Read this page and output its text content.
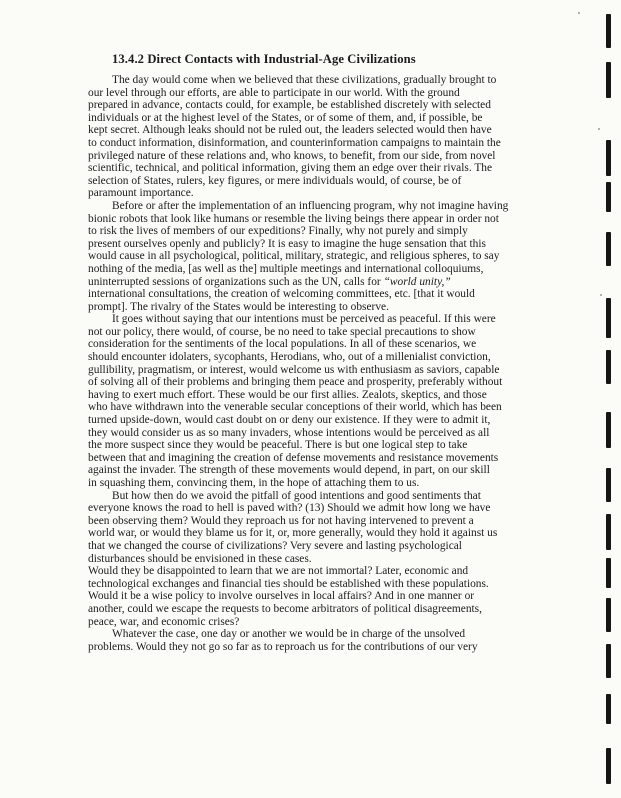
13.4.2 Direct Contacts with Industrial-Age Civilizations

The day would come when we believed that these civilizations, gradually brought to
our level through our efforts, are able to participate in our world. With the ground
prepared in advance, contacts could, for example, be established discretely with selected
individuals or at the highest level of the States, or of some of them, and, if possible, be
kept secret. Although leaks should not be ruled out, the leaders selected would then have
to conduct information, disinformation, and counterinformation campaigns to maintain the
privileged nature of these relations and, who knows, to benefit, from our side, from novel
scientific, technical, and political information, giving them an edge over their rivals. The
selection of States, rulers, key figures, or mere individuals would, of course, be of
paramount importance.

Before or after the implementation of an influencing program, why not imagine having
bionic robots that look like humans or resemble the living beings there appear in order not
to risk the lives of members of our expeditions? Finally, why not purely and simply
present ourselves openly and publicly? It is easy to imagine the huge sensation that this
would cause in all psychological, political, military, strategic, and religious spheres, to say
nothing of the media, [as well as the] multiple meetings and international colloquiums,
uninterrupted sessions of organizations such as the UN, calls for “world unity,”
international consultations, the creation of welcoming committees, etc. [that it would
prompt]. The rivalry of the States would be interesting to observe.

It goes without saying that our intentions must be perceived as peaceful. If this were
not our policy, there would, of course, be no need to take special precautions to show
consideration for the sentiments of the local populations. In all of these scenarios, we
should encounter idolaters, sycophants, Herodians, who, out of a millenialist conviction,
gullibility, pragmatism, or interest, would welcome us with enthusiasm as saviors, capable
of solving all of their problems and bringing them peace and prosperity, preferably without
having to exert much effort. These would be our first allies. Zealots, skeptics, and those
who have withdrawn into the venerable secular conceptions of their world, which has been
turned upside-down, would cast doubt on or deny our existence. If they were to admit it,
they would consider us as so many invaders, whose intentions would be perceived as all
the more suspect since they would be peaceful. There is but one logical step to take
between that and imagining the creation of defense movements and resistance movements
against the invader. The strength of these movements would depend, in part, on our skill
in squashing them, convincing them, in the hope of attaching them to us.

But how then do we avoid the pitfall of good intentions and good sentiments that
everyone knows the road to hell is paved with? (13) Should we admit how long we have
been observing them? Would they reproach us for not having intervened to prevent a
world war, or would they blame us for it, or, more generally, would they hold it against us
that we changed the course of civilizations? Very severe and lasting psychological
disturbances should be envisioned in these cases.

Would they be disappointed to learn that we are not immortal? Later, economic and
technological exchanges and financial ties should be established with these populations.
Would it be a wise policy to involve ourselves in local affairs? And in one manner or
another, could we escape the requests to become arbitrators of political disagreements,
peace, war, and economic crises?

Whatever the case, one day or another we would be in charge of the unsolved
problems. Would they not go so far as to reproach us for the contributions of our very
